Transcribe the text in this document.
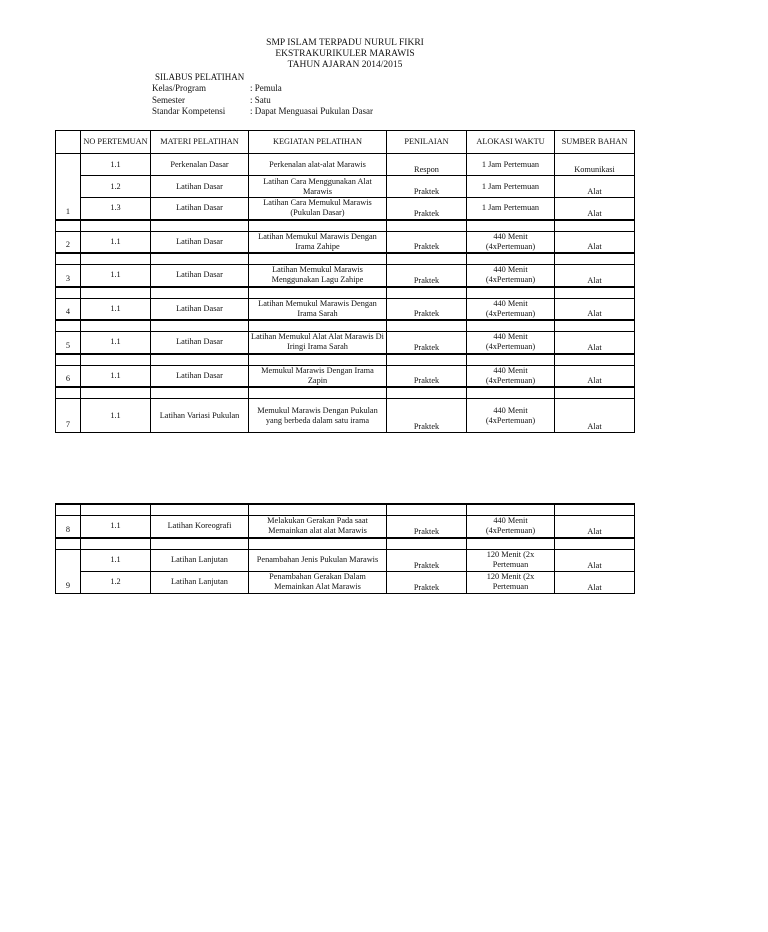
SMP ISLAM TERPADU NURUL FIKRI
EKSTRAKURIKULER MARAWIS
TAHUN AJARAN 2014/2015
SILABUS PELATIHAN
Kelas/Program	: Pemula
Semester	: Satu
Standar Kompetensi	: Dapat Menguasai Pukulan Dasar
	NO PERTEMUAN	MATERI PELATIHAN	KEGIATAN PELATIHAN	PENILAIAN	ALOKASI WAKTU	SUMBER BAHAN
1	1.1	Perkenalan Dasar	Perkenalan alat-alat Marawis	Respon	1 Jam Pertemuan	Komunikasi
	1.2	Latihan Dasar	Latihan Cara Menggunakan Alat Marawis	Praktek	1 Jam Pertemuan	Alat
	1.3	Latihan Dasar	Latihan Cara Memukul Marawis (Pukulan Dasar)	Praktek	1 Jam Pertemuan	Alat

2	1.1	Latihan Dasar	Latihan Memukul Marawis Dengan Irama Zahipe	Praktek	440 Menit (4xPertemuan)	Alat

3	1.1	Latihan Dasar	Latihan Memukul Marawis Menggunakan Lagu Zahipe	Praktek	440 Menit (4xPertemuan)	Alat

4	1.1	Latihan Dasar	Latihan Memukul Marawis Dengan Irama Sarah	Praktek	440 Menit (4xPertemuan)	Alat

5	1.1	Latihan Dasar	Latihan Memukul Alat Alat Marawis Di Iringi Irama Sarah	Praktek	440 Menit (4xPertemuan)	Alat

6	1.1	Latihan Dasar	Memukul Marawis Dengan Irama Zapin	Praktek	440 Menit (4xPertemuan)	Alat

7	1.1	Latihan Variasi Pukulan	Memukul Marawis Dengan Pukulan yang berbeda dalam satu irama	Praktek	440 Menit (4xPertemuan)	Alat

8	1.1	Latihan Koreografi	Melakukan Gerakan Pada saat Memainkan alat alat Marawis	Praktek	440 Menit (4xPertemuan)	Alat

9	1.1	Latihan Lanjutan	Penambahan Jenis Pukulan Marawis	Praktek	120 Menit (2x Pertemuan	Alat
	1.2	Latihan Lanjutan	Penambahan Gerakan Dalam Memainkan Alat Marawis	Praktek	120 Menit (2x Pertemuan	Alat
